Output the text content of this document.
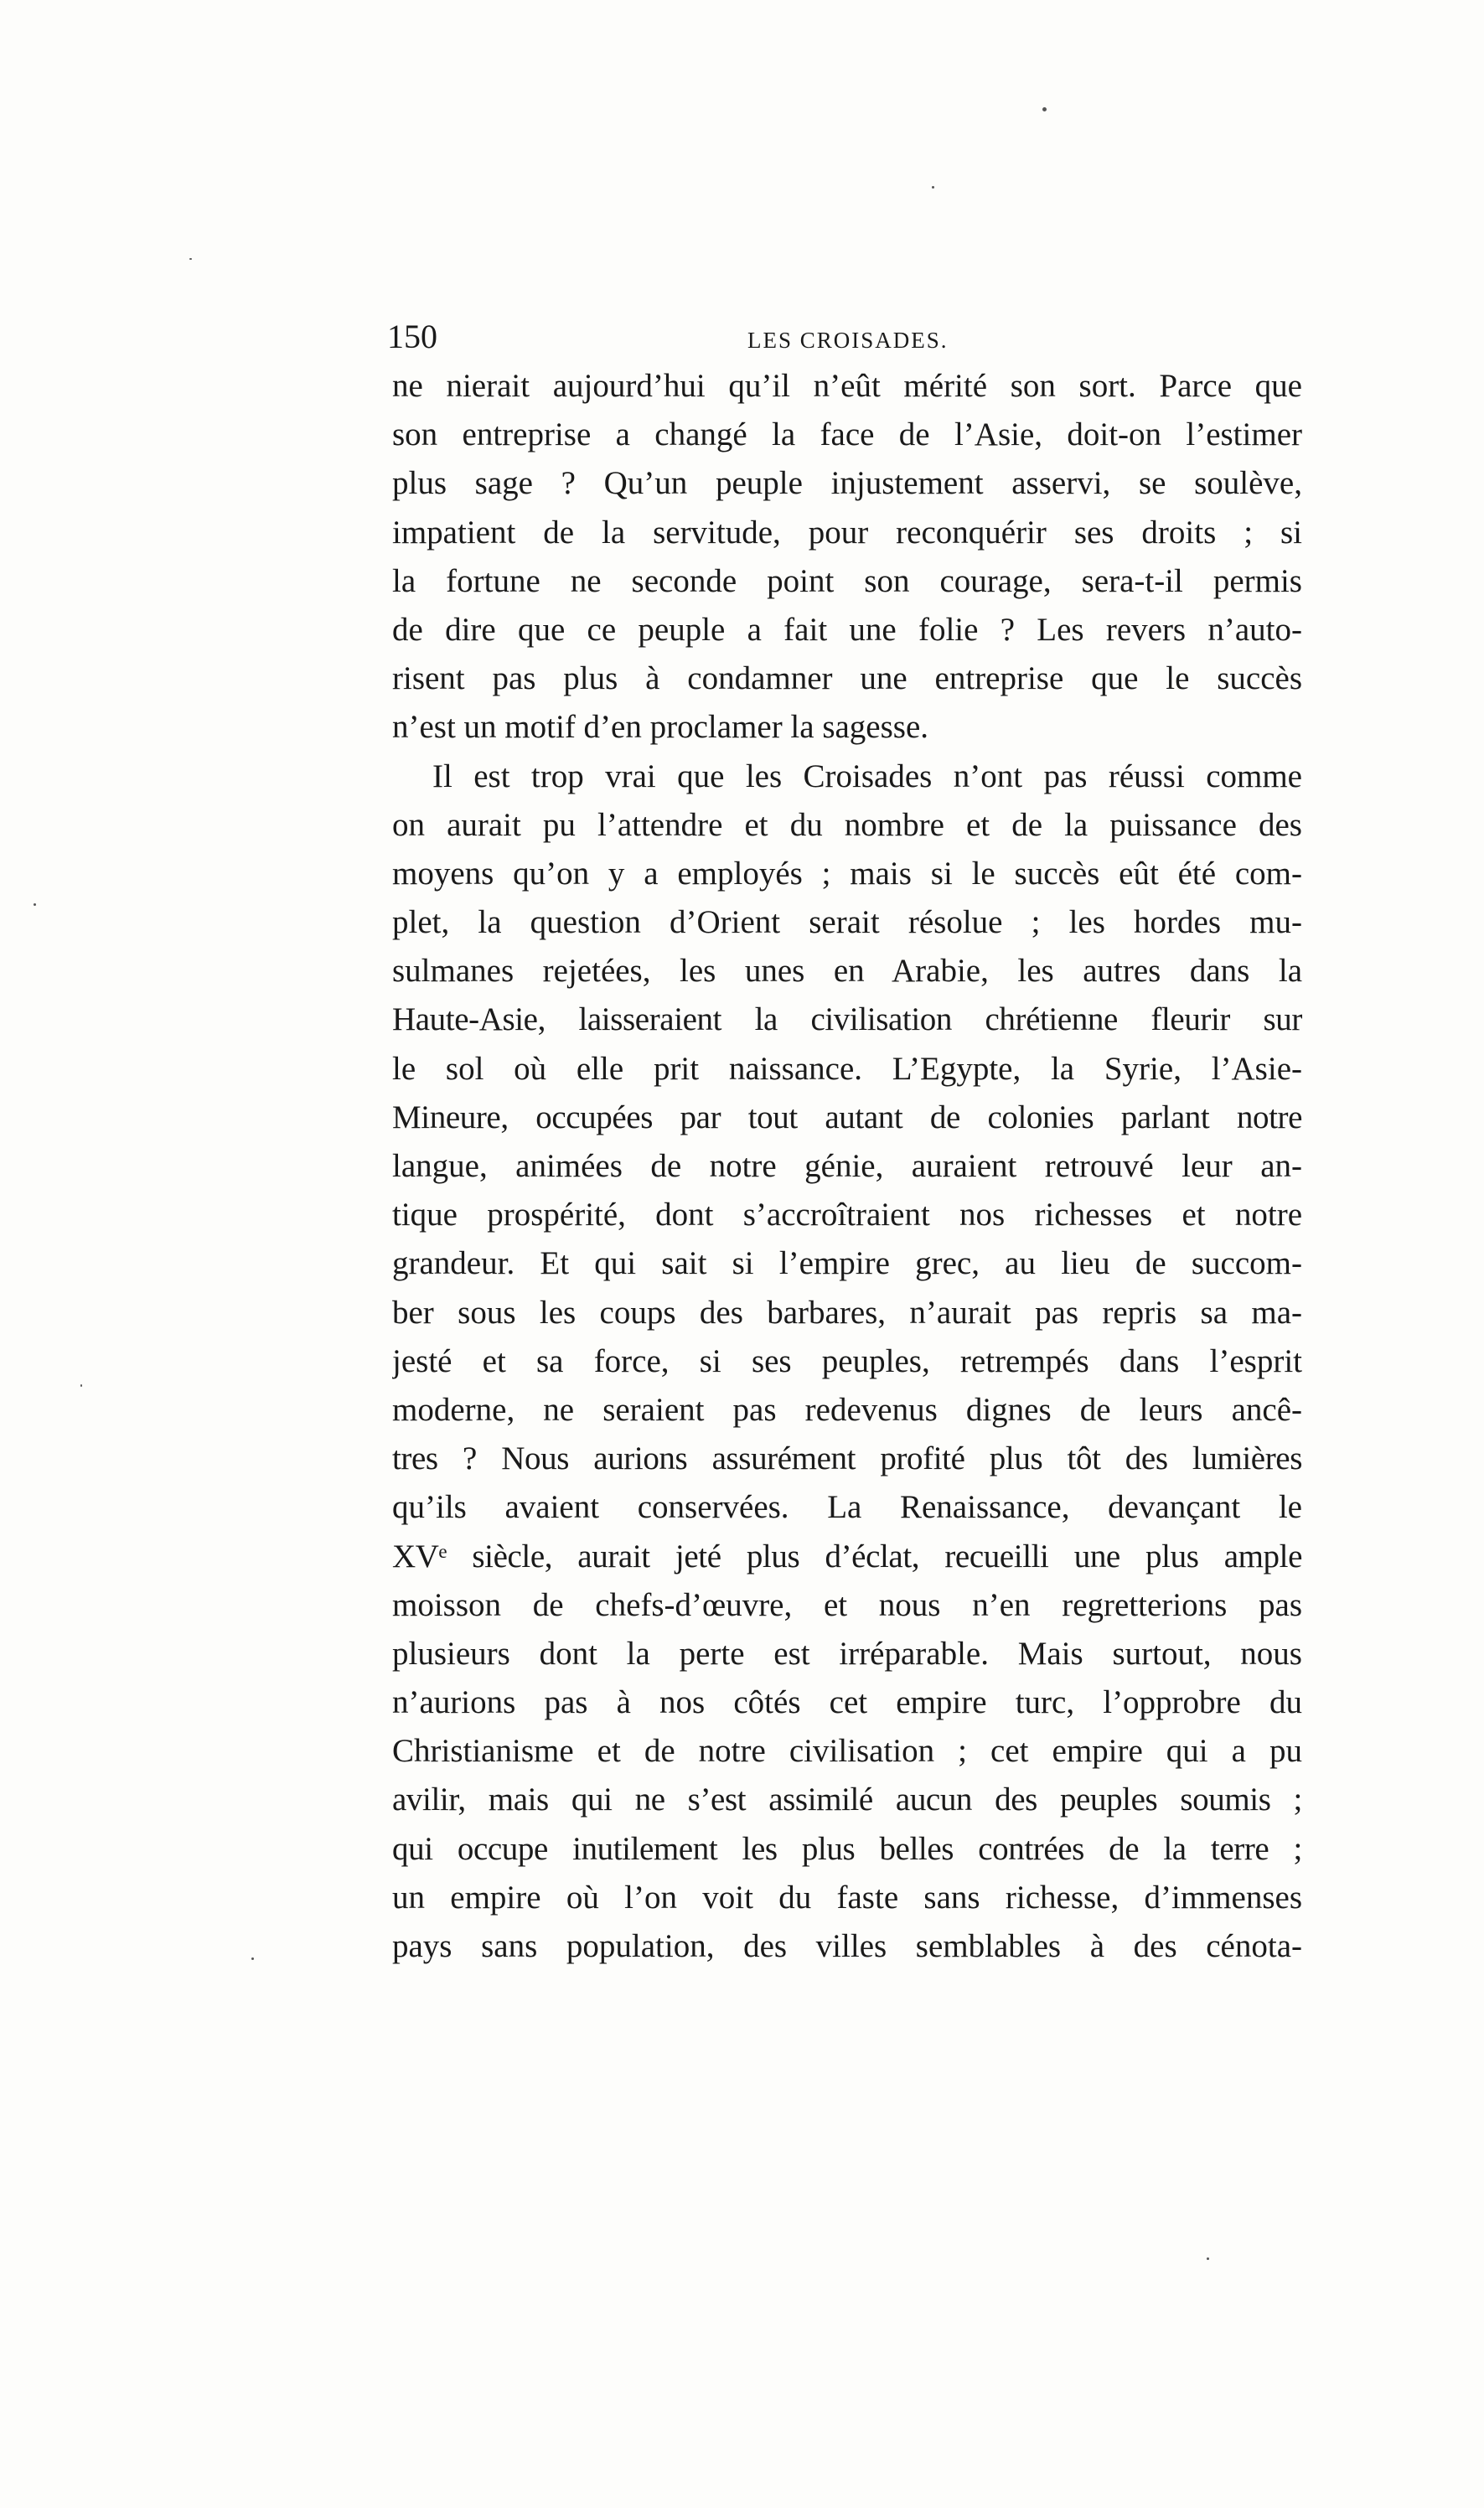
150	LES CROISADES.

ne nierait aujourd’hui qu’il n’eût mérité son sort. Parce que
son entreprise a changé la face de l’Asie, doit-on l’estimer
plus sage ? Qu’un peuple injustement asservi, se soulève,
impatient de la servitude, pour reconquérir ses droits ; si
la fortune ne seconde point son courage, sera-t-il permis
de dire que ce peuple a fait une folie ? Les revers n’auto-
risent pas plus à condamner une entreprise que le succès
n’est un motif d’en proclamer la sagesse.

Il est trop vrai que les Croisades n’ont pas réussi comme
on aurait pu l’attendre et du nombre et de la puissance des
moyens qu’on y a employés ; mais si le succès eût été com-
plet, la question d’Orient serait résolue ; les hordes mu-
sulmanes rejetées, les unes en Arabie, les autres dans la
Haute-Asie, laisseraient la civilisation chrétienne fleurir sur
le sol où elle prit naissance. L’Egypte, la Syrie, l’Asie-
Mineure, occupées par tout autant de colonies parlant notre
langue, animées de notre génie, auraient retrouvé leur an-
tique prospérité, dont s’accroîtraient nos richesses et notre
grandeur. Et qui sait si l’empire grec, au lieu de succom-
ber sous les coups des barbares, n’aurait pas repris sa ma-
jesté et sa force, si ses peuples, retrempés dans l’esprit
moderne, ne seraient pas redevenus dignes de leurs ancê-
tres ? Nous aurions assurément profité plus tôt des lumières
qu’ils avaient conservées. La Renaissance, devançant le
XVᵉ siècle, aurait jeté plus d’éclat, recueilli une plus ample
moisson de chefs-d’œuvre, et nous n’en regretterions pas
plusieurs dont la perte est irréparable. Mais surtout, nous
n’aurions pas à nos côtés cet empire turc, l’opprobre du
Christianisme et de notre civilisation ; cet empire qui a pu
avilir, mais qui ne s’est assimilé aucun des peuples soumis ;
qui occupe inutilement les plus belles contrées de la terre ;
un empire où l’on voit du faste sans richesse, d’immenses
pays sans population, des villes semblables à des cénota-
